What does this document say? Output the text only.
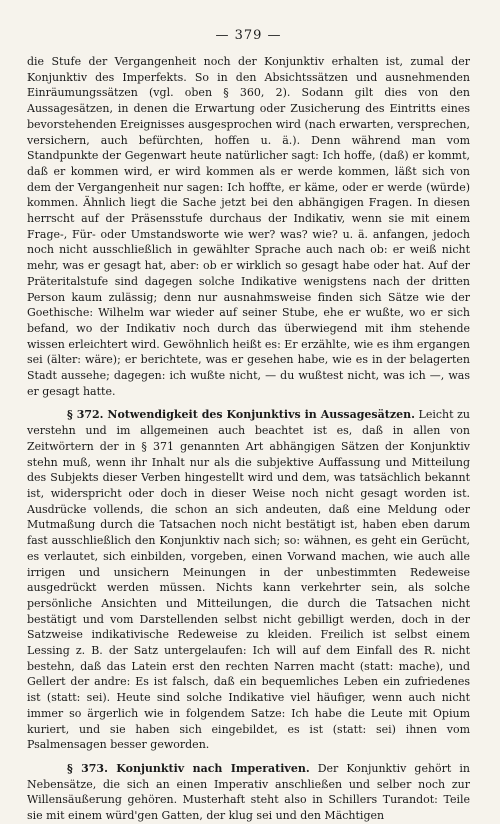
— 379 —

die Stufe der Vergangenheit noch der Konjunktiv erhalten ist, zumal der Konjunktiv des Imperfekts. So in den Absichtssätzen und ausnehmenden Einräumungssätzen (vgl. oben § 360, 2). Sodann gilt dies von den Aussagesätzen, in denen die Erwartung oder Zusicherung des Eintritts eines bevorstehenden Ereignisses ausgesprochen wird (nach erwarten, versprechen, versichern, auch befürchten, hoffen u. ä.). Denn während man vom Standpunkte der Gegenwart heute natürlicher sagt: Ich hoffe, (daß) er kommt, daß er kommen wird, er wird kommen als er werde kommen, läßt sich von dem der Vergangenheit nur sagen: Ich hoffte, er käme, oder er werde (würde) kommen. Ähnlich liegt die Sache jetzt bei den abhängigen Fragen. In diesen herrscht auf der Präsensstufe durchaus der Indikativ, wenn sie mit einem Frage-, Für- oder Umstandsworte wie wer? was? wie? u. ä. anfangen, jedoch noch nicht ausschließlich in gewählter Sprache auch nach ob: er weiß nicht mehr, was er gesagt hat, aber: ob er wirklich so gesagt habe oder hat. Auf der Präteritalstufe sind dagegen solche Indikative wenigstens nach der dritten Person kaum zulässig; denn nur ausnahmsweise finden sich Sätze wie der Goethische: Wilhelm war wieder auf seiner Stube, ehe er wußte, wo er sich befand, wo der Indikativ noch durch das überwiegend mit ihm stehende wissen erleichtert wird. Gewöhnlich heißt es: Er erzählte, wie es ihm ergangen sei (älter: wäre); er berichtete, was er gesehen habe, wie es in der belagerten Stadt aussehe; dagegen: ich wußte nicht, — du wußtest nicht, was ich —, was er gesagt hatte.

§ 372. Notwendigkeit des Konjunktivs in Aussagesätzen. Leicht zu verstehn und im allgemeinen auch beachtet ist es, daß in allen von Zeitwörtern der in § 371 genannten Art abhängigen Sätzen der Konjunktiv stehn muß, wenn ihr Inhalt nur als die subjektive Auffassung und Mitteilung des Subjekts dieser Verben hingestellt wird und dem, was tatsächlich bekannt ist, widerspricht oder doch in dieser Weise noch nicht gesagt worden ist. Ausdrücke vollends, die schon an sich andeuten, daß eine Meldung oder Mutmaßung durch die Tatsachen noch nicht bestätigt ist, haben eben darum fast ausschließlich den Konjunktiv nach sich; so: wähnen, es geht ein Gerücht, es verlautet, sich einbilden, vorgeben, einen Vorwand machen, wie auch alle irrigen und unsichern Meinungen in der unbestimmten Redeweise ausgedrückt werden müssen. Nichts kann verkehrter sein, als solche persönliche Ansichten und Mitteilungen, die durch die Tatsachen nicht bestätigt und vom Darstellenden selbst nicht gebilligt werden, doch in der Satzweise indikativische Redeweise zu kleiden. Freilich ist selbst einem Lessing z. B. der Satz untergelaufen: Ich will auf dem Einfall des R. nicht bestehn, daß das Latein erst den rechten Narren macht (statt: mache), und Gellert der andre: Es ist falsch, daß ein bequemliches Leben ein zufriedenes ist (statt: sei). Heute sind solche Indikative viel häufiger, wenn auch nicht immer so ärgerlich wie in folgendem Satze: Ich habe die Leute mit Opium kuriert, und sie haben sich eingebildet, es ist (statt: sei) ihnen vom Psalmensagen besser geworden.

§ 373. Konjunktiv nach Imperativen. Der Konjunktiv gehört in Nebensätze, die sich an einen Imperativ anschließen und selber noch zur Willensäußerung gehören. Musterhaft steht also in Schillers Turandot: Teile sie mit einem würd'gen Gatten, der klug sei und den Mächtigen
